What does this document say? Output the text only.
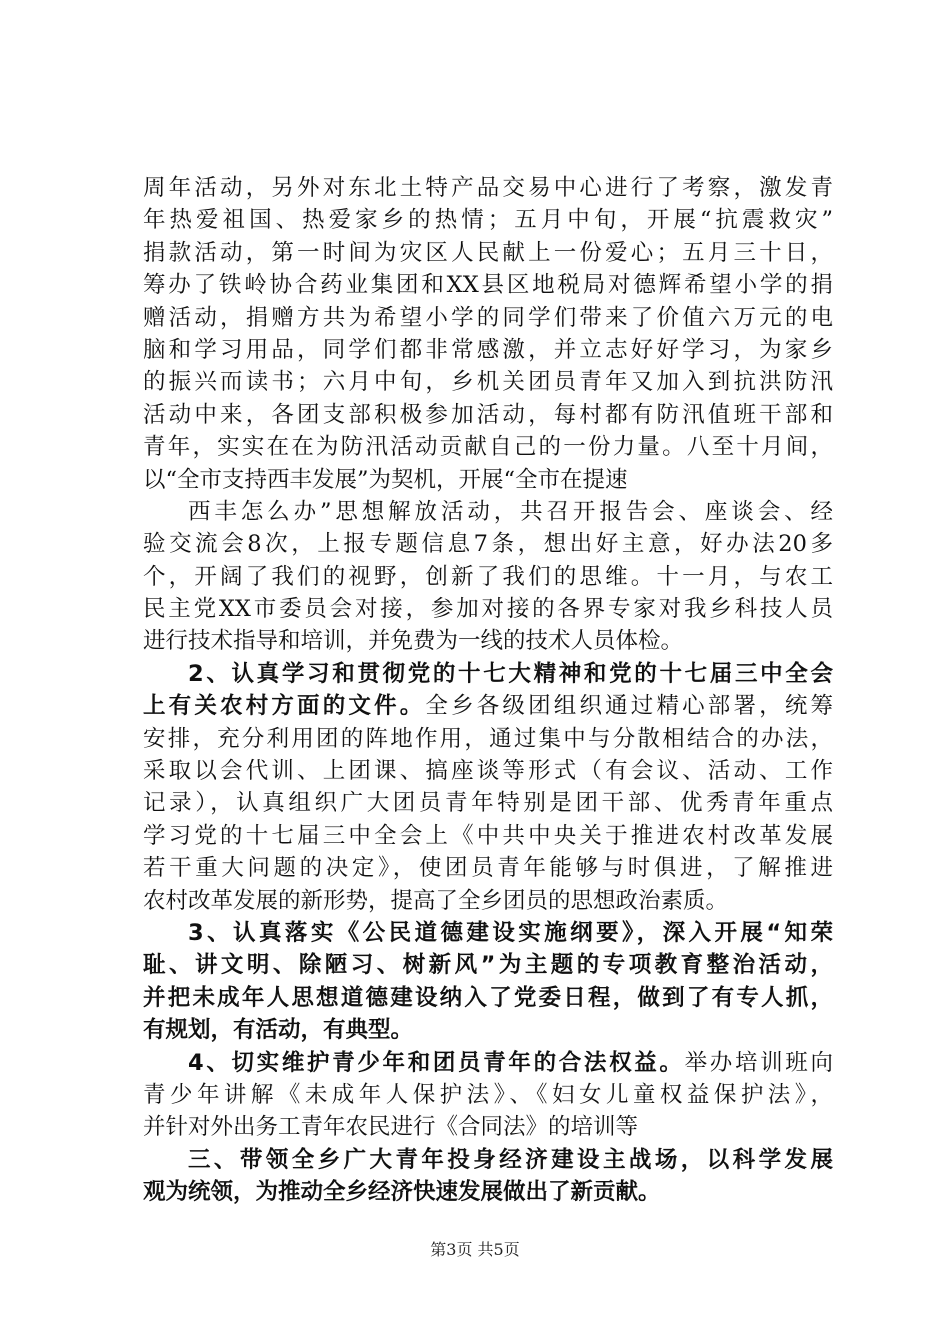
周年活动，另外对东北土特产品交易中心进行了考察，激发青
年热爱祖国、热爱家乡的热情；五月中旬，开展“抗震救灾”
捐款活动，第一时间为灾区人民献上一份爱心；五月三十日，
筹办了铁岭协合药业集团和XX县区地税局对德辉希望小学的捐
赠活动，捐赠方共为希望小学的同学们带来了价值六万元的电
脑和学习用品，同学们都非常感激，并立志好好学习，为家乡
的振兴而读书；六月中旬，乡机关团员青年又加入到抗洪防汛
活动中来，各团支部积极参加活动，每村都有防汛值班干部和
青年，实实在在为防汛活动贡献自己的一份力量。八至十月间，
以“全市支持西丰发展”为契机，开展“全市在提速
西丰怎么办”思想解放活动，共召开报告会、座谈会、经
验交流会8次，上报专题信息7条，想出好主意，好办法20多
个，开阔了我们的视野，创新了我们的思维。十一月，与农工
民主党XX市委员会对接，参加对接的各界专家对我乡科技人员
进行技术指导和培训，并免费为一线的技术人员体检。
2、认真学习和贯彻党的十七大精神和党的十七届三中全会
上有关农村方面的文件。全乡各级团组织通过精心部署，统筹
安排，充分利用团的阵地作用，通过集中与分散相结合的办法，
采取以会代训、上团课、搞座谈等形式（有会议、活动、工作
记录），认真组织广大团员青年特别是团干部、优秀青年重点
学习党的十七届三中全会上《中共中央关于推进农村改革发展
若干重大问题的决定》，使团员青年能够与时俱进，了解推进
农村改革发展的新形势，提高了全乡团员的思想政治素质。
3、认真落实《公民道德建设实施纲要》，深入开展“知荣
耻、讲文明、除陋习、树新风”为主题的专项教育整治活动，
并把未成年人思想道德建设纳入了党委日程，做到了有专人抓，
有规划，有活动，有典型。
4、切实维护青少年和团员青年的合法权益。举办培训班向
青少年讲解《未成年人保护法》、《妇女儿童权益保护法》，
并针对外出务工青年农民进行《合同法》的培训等
三、带领全乡广大青年投身经济建设主战场，以科学发展
观为统领，为推动全乡经济快速发展做出了新贡献。
第3页 共5页
